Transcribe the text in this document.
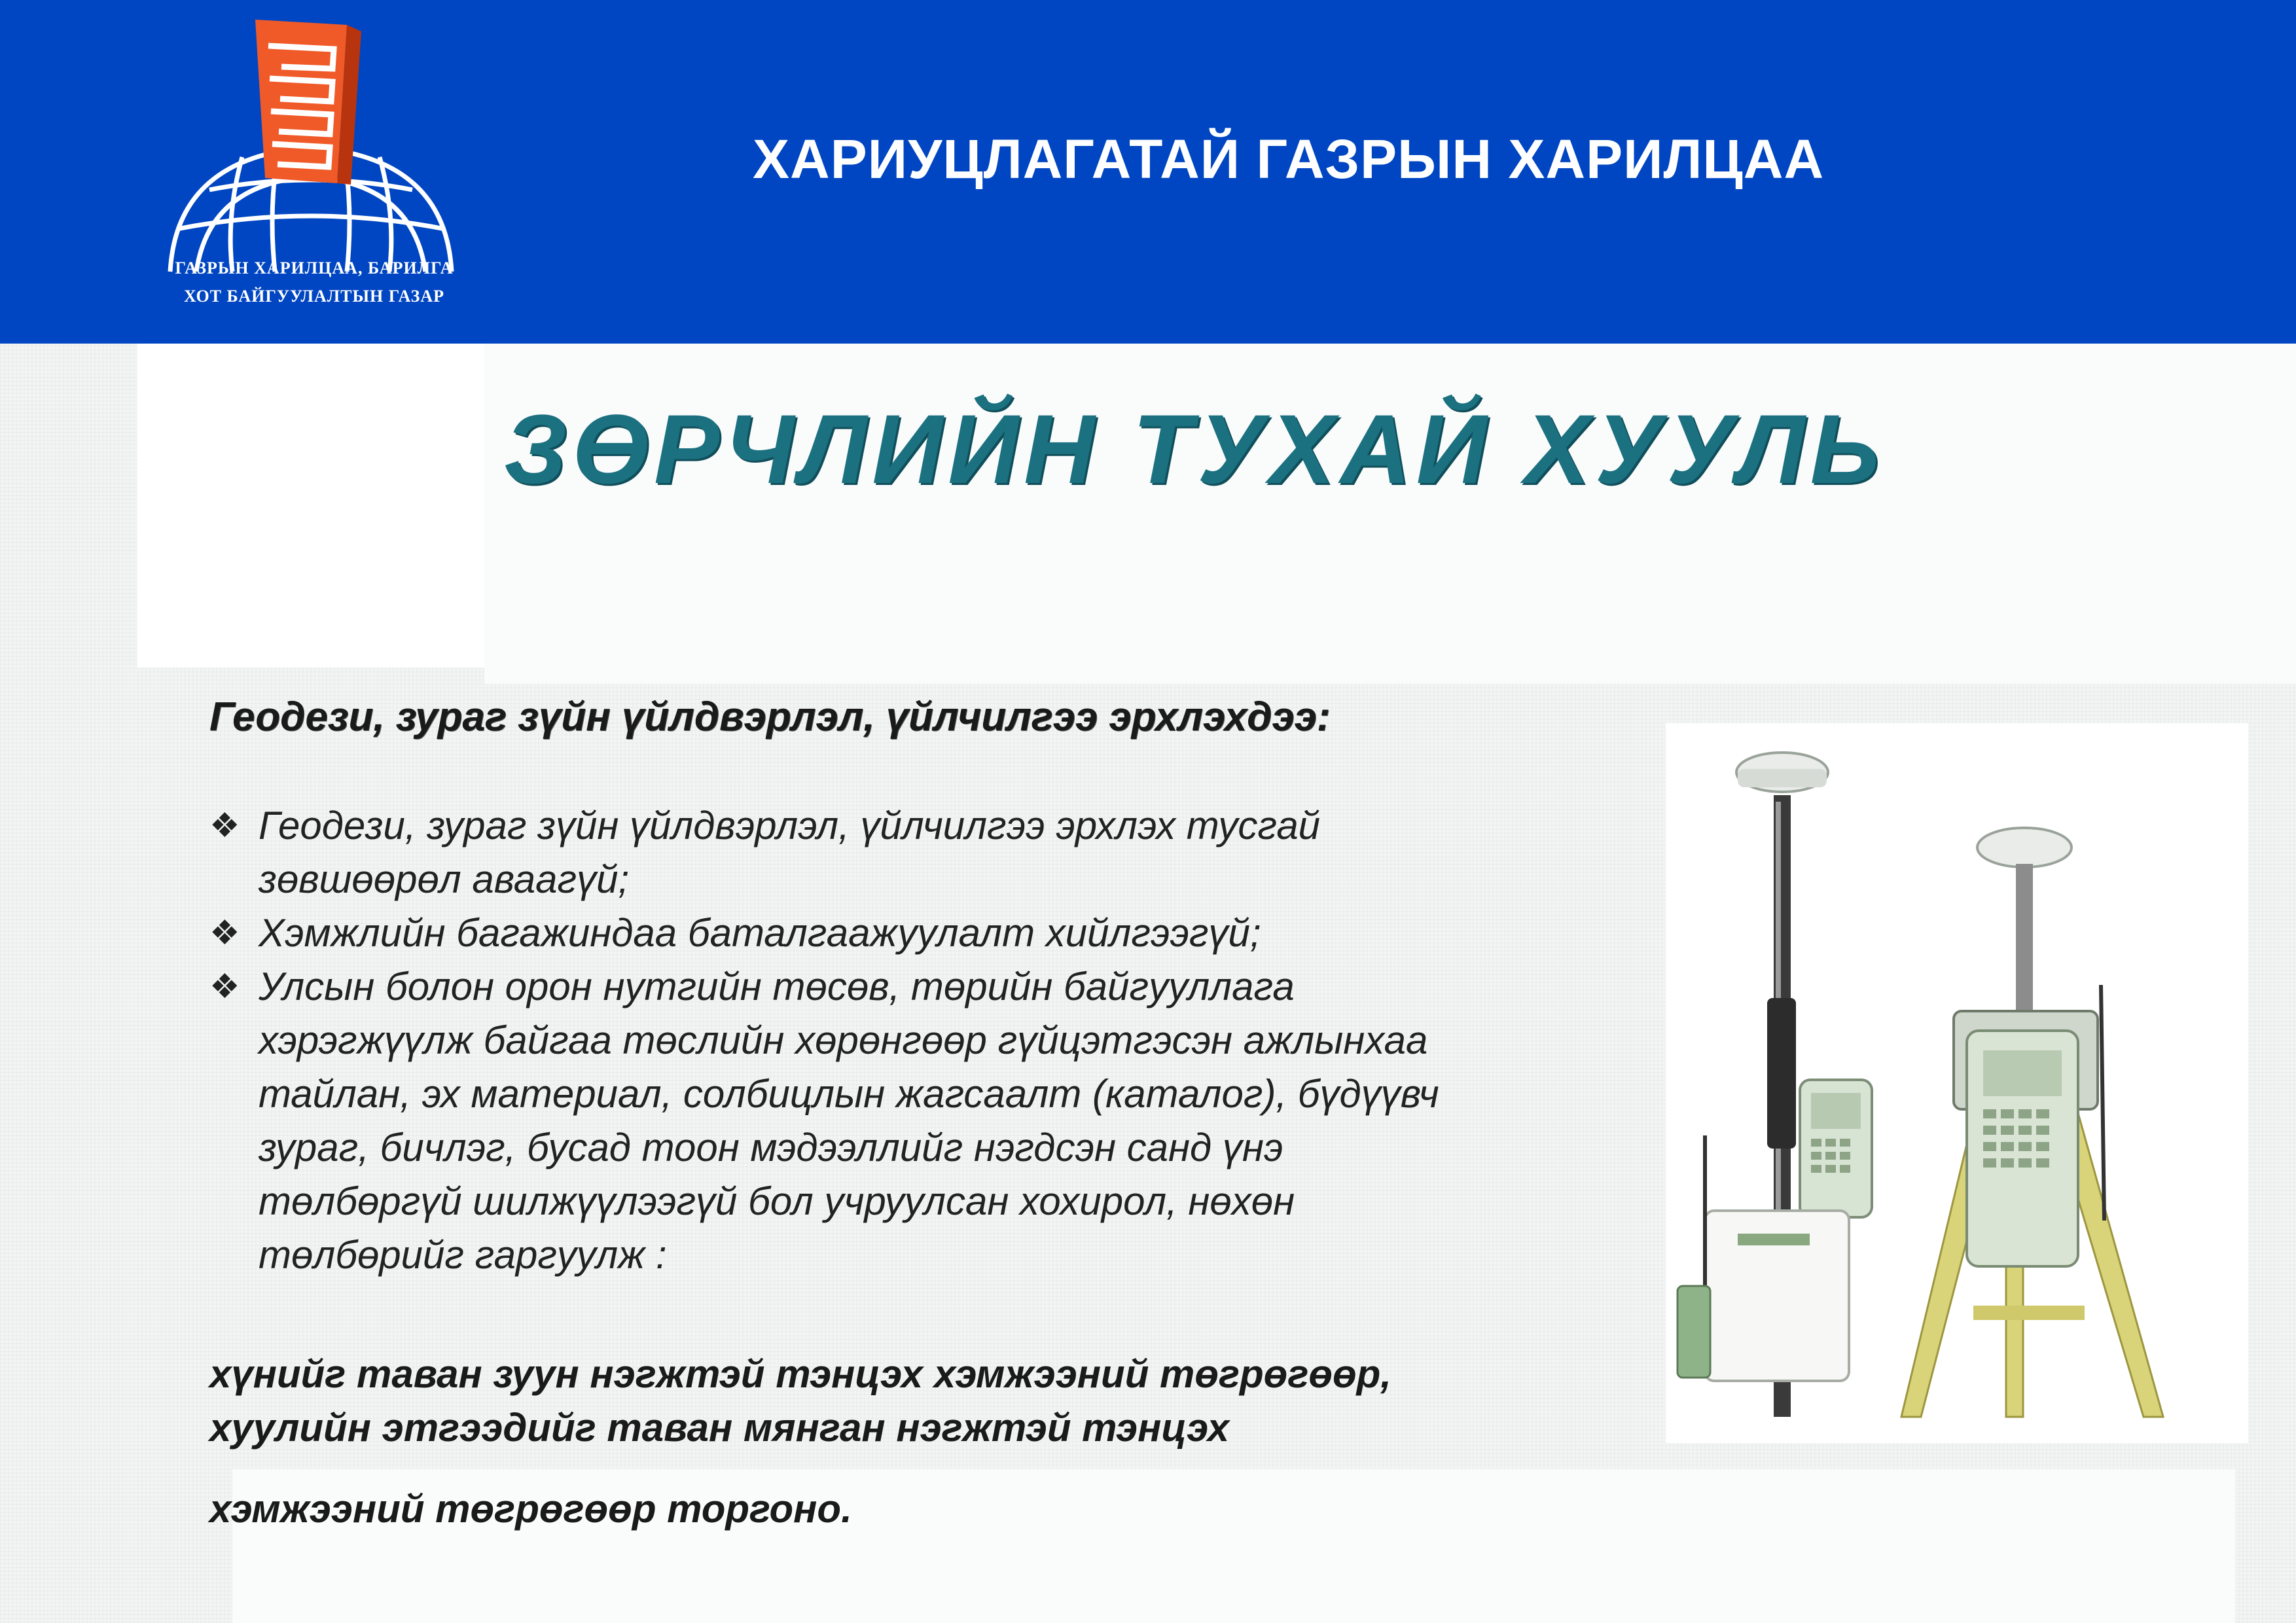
ГАЗРЫН ХАРИЛЦАА, БАРИЛГА
ХОТ БАЙГУУЛАЛТЫН ГАЗАР
ХАРИУЦЛАГАТАЙ ГАЗРЫН ХАРИЛЦАА
ЗӨРЧЛИЙН ТУХАЙ ХУУЛЬ
Геодези, зураг зүйн үйлдвэрлэл, үйлчилгээ эрхлэхдээ:
❖ Геодези, зураг зүйн үйлдвэрлэл, үйлчилгээ эрхлэх тусгай
зөвшөөрөл аваагүй;
❖ Хэмжлийн багажиндаа баталгаажуулалт хийлгээгүй;
❖ Улсын болон орон нутгийн төсөв, төрийн байгууллага
хэрэгжүүлж байгаа төслийн хөрөнгөөр гүйцэтгэсэн ажлынхаа
тайлан, эх материал, солбицлын жагсаалт (каталог), бүдүүвч
зураг, бичлэг, бусад тоон мэдээллийг нэгдсэн санд үнэ
төлбөргүй шилжүүлээгүй бол учруулсан хохирол, нөхөн
төлбөрийг гаргуулж :
хүнийг таван зуун нэгжтэй тэнцэх хэмжээний төгрөгөөр,
хуулийн этгээдийг таван мянган нэгжтэй тэнцэх
хэмжээний төгрөгөөр торгоно.
